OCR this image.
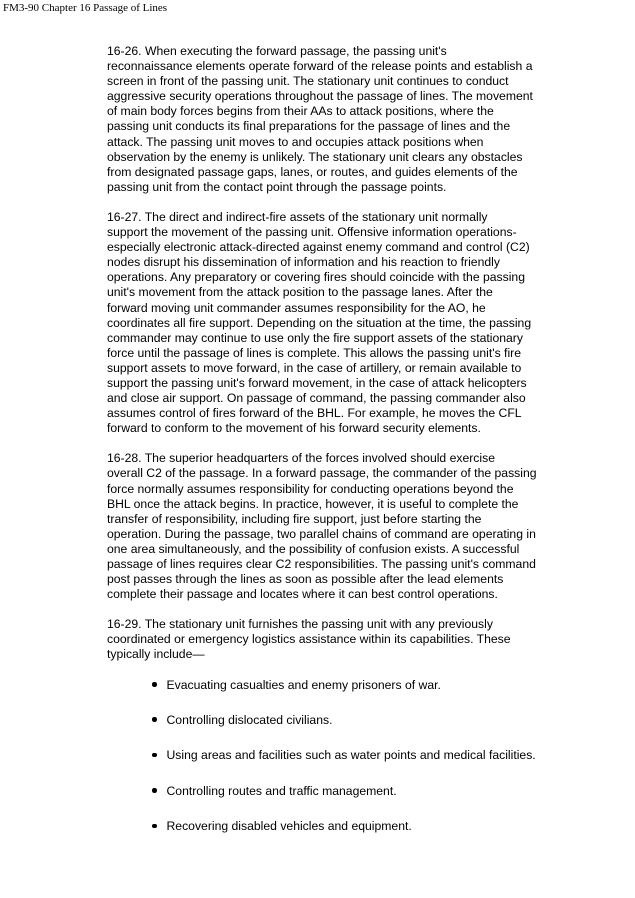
FM3-90 Chapter 16 Passage of Lines

16-26. When executing the forward passage, the passing unit's
reconnaissance elements operate forward of the release points and establish a
screen in front of the passing unit. The stationary unit continues to conduct
aggressive security operations throughout the passage of lines. The movement
of main body forces begins from their AAs to attack positions, where the
passing unit conducts its final preparations for the passage of lines and the
attack. The passing unit moves to and occupies attack positions when
observation by the enemy is unlikely. The stationary unit clears any obstacles
from designated passage gaps, lanes, or routes, and guides elements of the
passing unit from the contact point through the passage points.

16-27. The direct and indirect-fire assets of the stationary unit normally
support the movement of the passing unit. Offensive information operations-
especially electronic attack-directed against enemy command and control (C2)
nodes disrupt his dissemination of information and his reaction to friendly
operations. Any preparatory or covering fires should coincide with the passing
unit's movement from the attack position to the passage lanes. After the
forward moving unit commander assumes responsibility for the AO, he
coordinates all fire support. Depending on the situation at the time, the passing
commander may continue to use only the fire support assets of the stationary
force until the passage of lines is complete. This allows the passing unit's fire
support assets to move forward, in the case of artillery, or remain available to
support the passing unit's forward movement, in the case of attack helicopters
and close air support. On passage of command, the passing commander also
assumes control of fires forward of the BHL. For example, he moves the CFL
forward to conform to the movement of his forward security elements.

16-28. The superior headquarters of the forces involved should exercise
overall C2 of the passage. In a forward passage, the commander of the passing
force normally assumes responsibility for conducting operations beyond the
BHL once the attack begins. In practice, however, it is useful to complete the
transfer of responsibility, including fire support, just before starting the
operation. During the passage, two parallel chains of command are operating in
one area simultaneously, and the possibility of confusion exists. A successful
passage of lines requires clear C2 responsibilities. The passing unit's command
post passes through the lines as soon as possible after the lead elements
complete their passage and locates where it can best control operations.

16-29. The stationary unit furnishes the passing unit with any previously
coordinated or emergency logistics assistance within its capabilities. These
typically include—

Evacuating casualties and enemy prisoners of war.
Controlling dislocated civilians.
Using areas and facilities such as water points and medical facilities.
Controlling routes and traffic management.
Recovering disabled vehicles and equipment.
